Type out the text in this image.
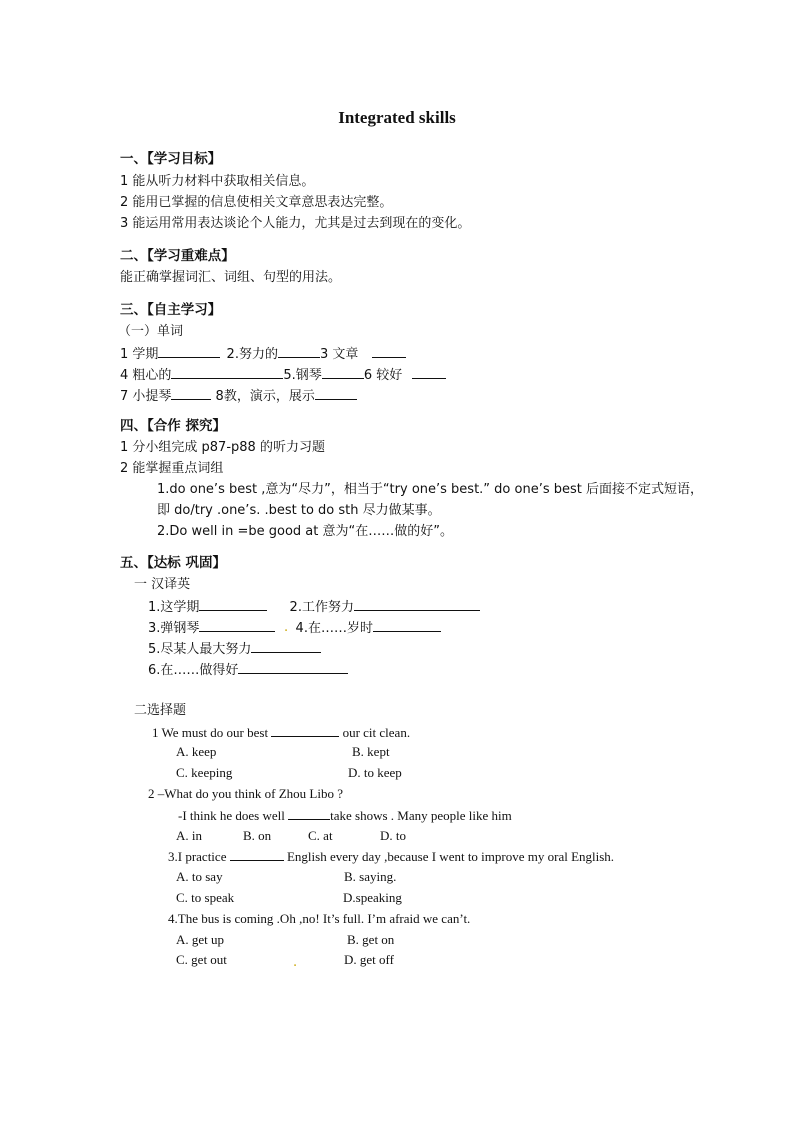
Integrated skills
一、【学习目标】
1 能从听力材料中获取相关信息。
2 能用已掌握的信息使相关文章意思表达完整。
3 能运用常用表达谈论个人能力，尤其是过去到现在的变化。
二、【学习重难点】
能正确掌握词汇、词组、句型的用法。
三、【自主学习】
（一）单词
1 学期	2.努力的	3 文章
4 粗心的	5.钢琴	6 较好
7 小提琴	8教，演示，展示
四、【合作 探究】
1 分小组完成 p87-p88 的听力习题
2 能掌握重点词组
1.do one’s best ,意为“尽力”，相当于“try one’s best.” do one’s best 后面接不定式短语，
即 do/try .one’s. .best to do sth 尽力做某事。
2.Do well in =be good at 意为“在……做的好”。
五、【达标 巩固】
一 汉译英
1.这学期	2.工作努力
3.弹钢琴	4.在……岁时
5.尽某人最大努力
6.在……做得好
二选择题
1 We must do our best	our cit clean.
A. keep	B. kept
C. keeping	D. to keep
2 –What do you think of Zhou Libo ?
-I think he does well	take shows . Many people like him
A. in	B. on	C. at	D. to
3.I practice	English every day ,because I went to improve my oral English.
A. to say	B. saying.
C. to speak	D.speaking
4.The bus is coming .Oh ,no! It’s full. I’m afraid we can’t.
A. get up	B. get on
C. get out	D. get off
.
.
